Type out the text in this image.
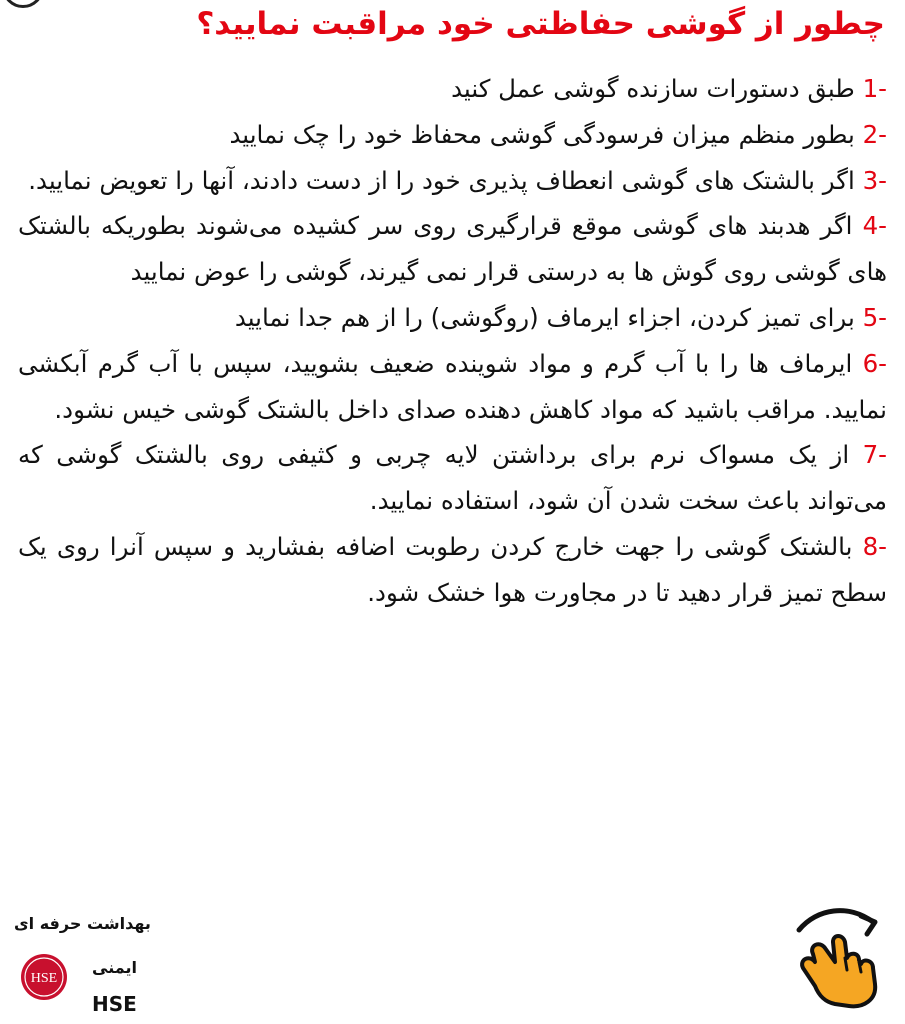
چطور از گوشی حفاظتی خود مراقبت نمایید؟

-1 طبق دستورات سازنده گوشی عمل کنید

-2 بطور منظم میزان فرسودگی گوشی محفاظ خود را چک نمایید

-3 اگر بالشتک های گوشی انعطاف پذیری خود را از دست دادند، آنها را تعویض نمایید.

-4 اگر هدبند های گوشی موقع قرارگیری روی سر کشیده می‌شوند بطوریکه بالشتک های گوشی روی گوش ها به درستی قرار نمی گیرند، گوشی را عوض نمایید

-5 برای تمیز کردن، اجزاء ایرماف (روگوشی) را از هم جدا نمایید

-6 ایرماف ها را با آب گرم و مواد شوینده ضعیف بشویید، سپس با آب گرم آبکشی نمایید. مراقب باشید که مواد کاهش دهنده صدای داخل بالشتک گوشی خیس نشود.

-7 از یک مسواک نرم برای برداشتن لایه چربی و کثیفی روی بالشتک گوشی که می‌تواند باعث سخت شدن آن شود، استفاده نمایید.

-8 بالشتک گوشی را جهت خارج کردن رطوبت اضافه بفشارید و سپس آنرا روی یک سطح تمیز قرار دهید تا در مجاورت هوا خشک شود.

بهداشت حرفه ای
ایمنی
HSE
HSE
